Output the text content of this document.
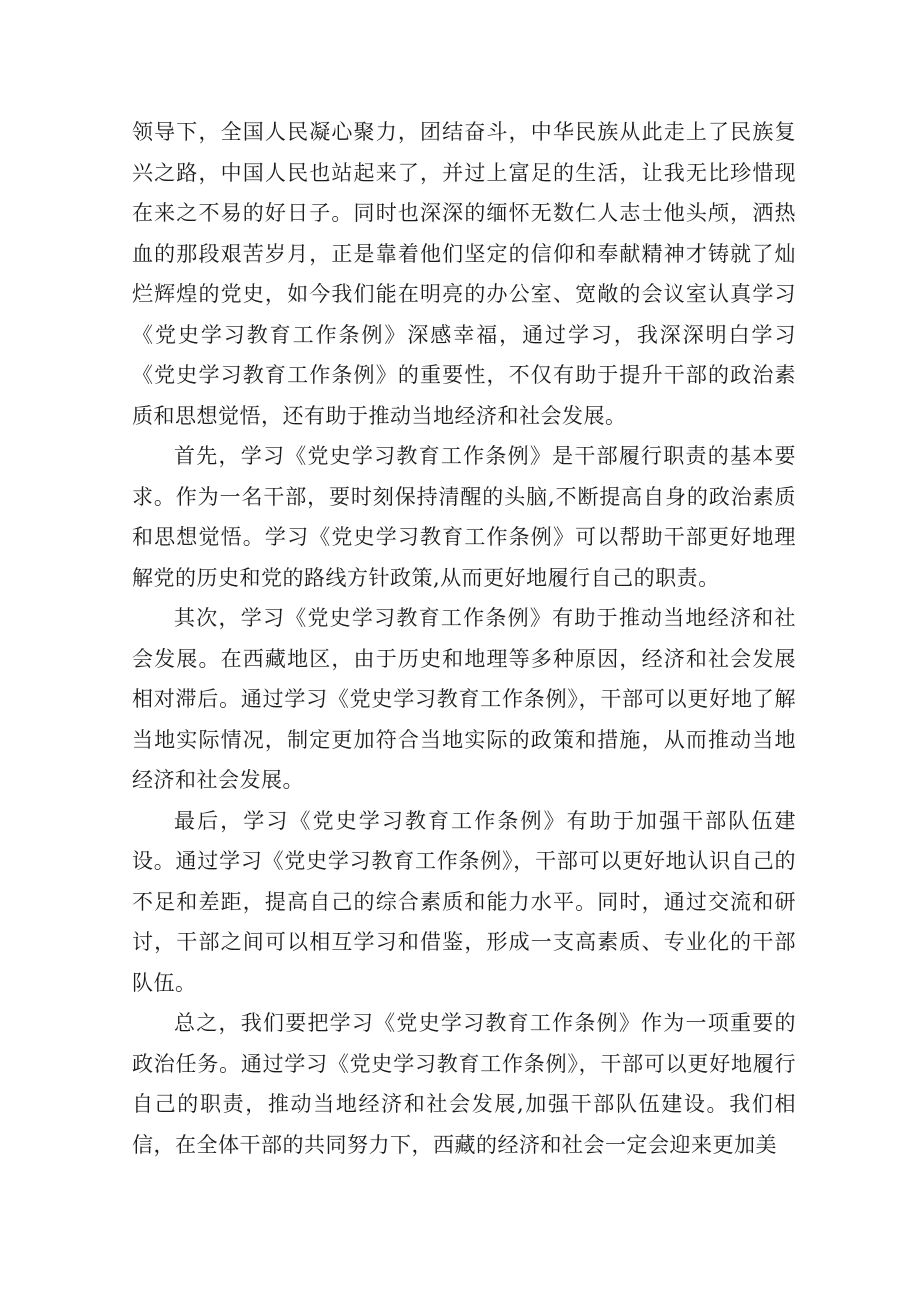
领导下，全国人民凝心聚力，团结奋斗，中华民族从此走上了民族复兴之路，中国人民也站起来了，并过上富足的生活，让我无比珍惜现在来之不易的好日子。同时也深深的缅怀无数仁人志士他头颅，洒热血的那段艰苦岁月，正是靠着他们坚定的信仰和奉献精神才铸就了灿烂辉煌的党史，如今我们能在明亮的办公室、宽敞的会议室认真学习《党史学习教育工作条例》深感幸福，通过学习，我深深明白学习《党史学习教育工作条例》的重要性，不仅有助于提升干部的政治素质和思想觉悟，还有助于推动当地经济和社会发展。

首先，学习《党史学习教育工作条例》是干部履行职责的基本要求。作为一名干部，要时刻保持清醒的头脑,不断提高自身的政治素质和思想觉悟。学习《党史学习教育工作条例》可以帮助干部更好地理解党的历史和党的路线方针政策,从而更好地履行自己的职责。

其次，学习《党史学习教育工作条例》有助于推动当地经济和社会发展。在西藏地区，由于历史和地理等多种原因，经济和社会发展相对滞后。通过学习《党史学习教育工作条例》，干部可以更好地了解当地实际情况，制定更加符合当地实际的政策和措施，从而推动当地经济和社会发展。

最后，学习《党史学习教育工作条例》有助于加强干部队伍建设。通过学习《党史学习教育工作条例》，干部可以更好地认识自己的不足和差距，提高自己的综合素质和能力水平。同时，通过交流和研讨，干部之间可以相互学习和借鉴，形成一支高素质、专业化的干部队伍。

总之，我们要把学习《党史学习教育工作条例》作为一项重要的政治任务。通过学习《党史学习教育工作条例》，干部可以更好地履行自己的职责，推动当地经济和社会发展,加强干部队伍建设。我们相信，在全体干部的共同努力下，西藏的经济和社会一定会迎来更加美
